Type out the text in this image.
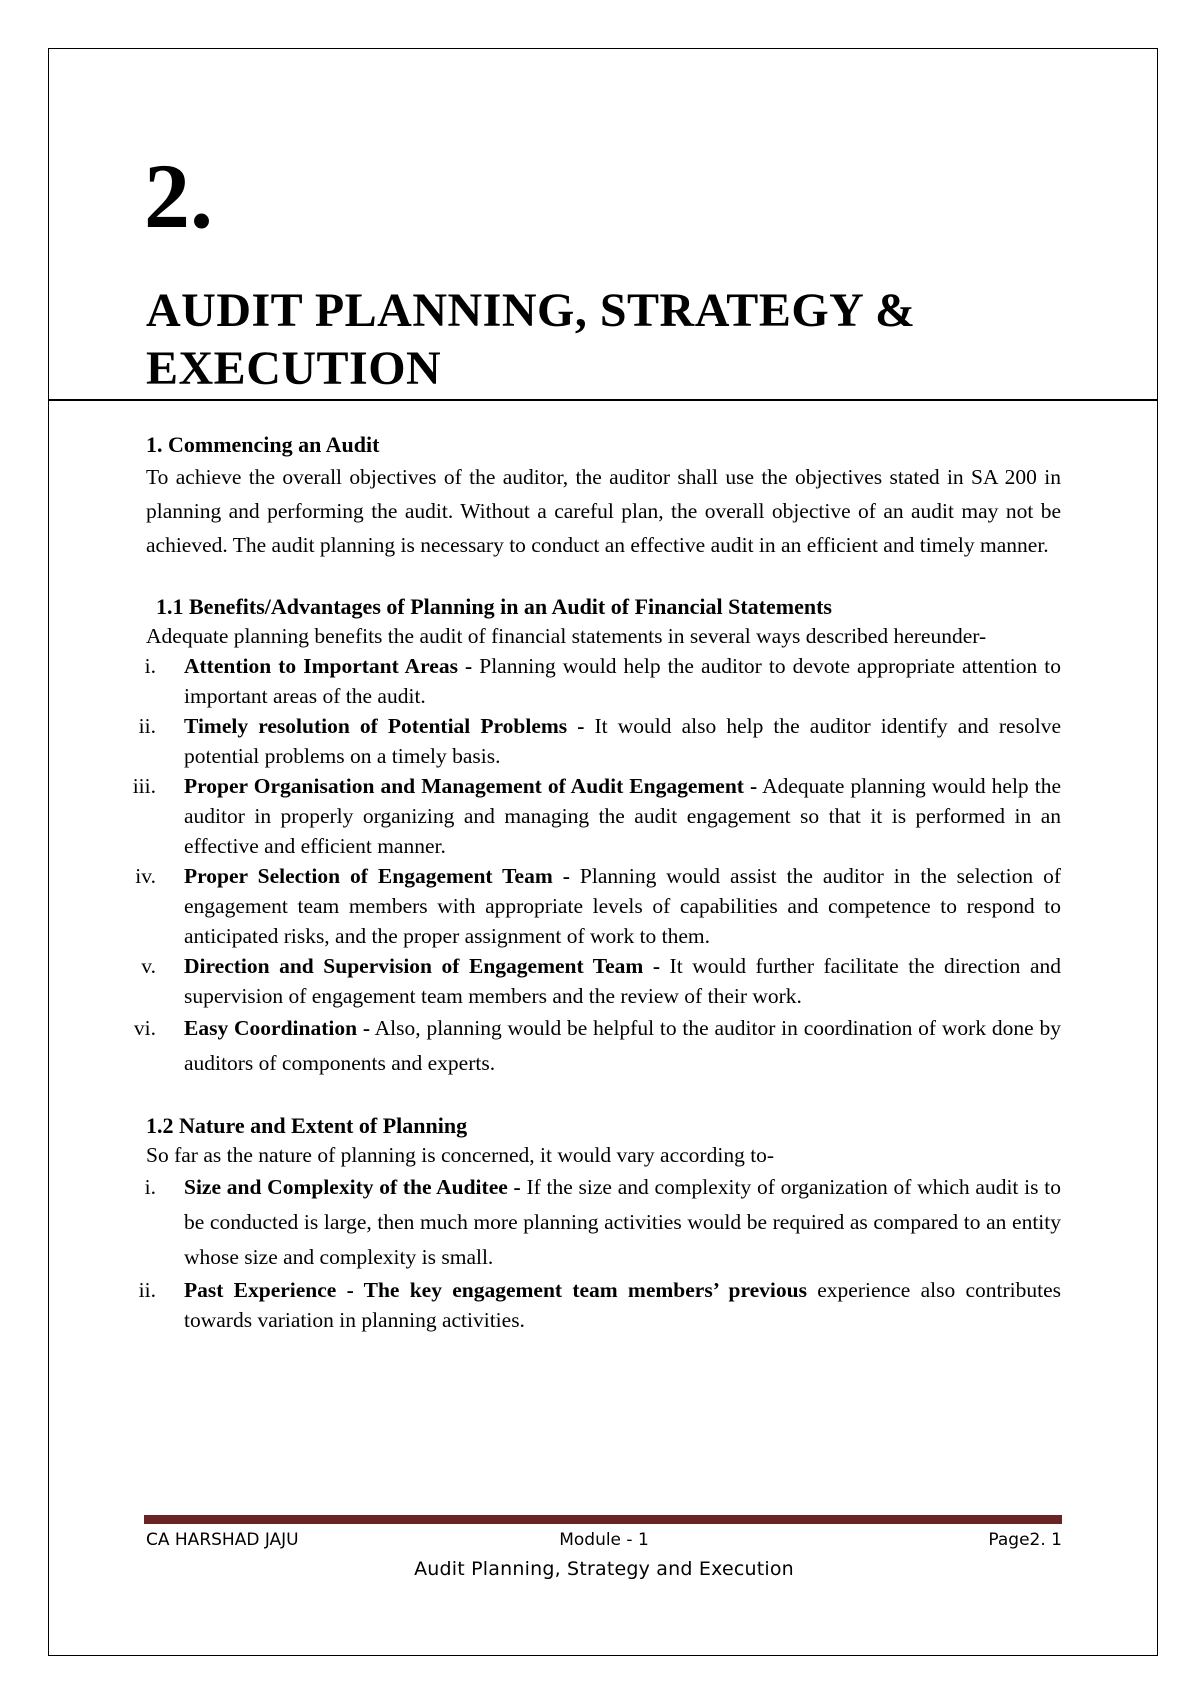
2.
AUDIT PLANNING, STRATEGY &
EXECUTION
1. Commencing an Audit
To achieve the overall objectives of the auditor, the auditor shall use the objectives stated in SA 200 in planning and performing the audit. Without a careful plan, the overall objective of an audit may not be achieved. The audit planning is necessary to conduct an effective audit in an efficient and timely manner.
1.1 Benefits/Advantages of Planning in an Audit of Financial Statements
Adequate planning benefits the audit of financial statements in several ways described hereunder-
i. Attention to Important Areas - Planning would help the auditor to devote appropriate attention to important areas of the audit.
ii. Timely resolution of Potential Problems - It would also help the auditor identify and resolve potential problems on a timely basis.
iii. Proper Organisation and Management of Audit Engagement - Adequate planning would help the auditor in properly organizing and managing the audit engagement so that it is performed in an effective and efficient manner.
iv. Proper Selection of Engagement Team - Planning would assist the auditor in the selection of engagement team members with appropriate levels of capabilities and competence to respond to anticipated risks, and the proper assignment of work to them.
v. Direction and Supervision of Engagement Team - It would further facilitate the direction and supervision of engagement team members and the review of their work.
vi. Easy Coordination - Also, planning would be helpful to the auditor in coordination of work done by auditors of components and experts.
1.2 Nature and Extent of Planning
So far as the nature of planning is concerned, it would vary according to-
i. Size and Complexity of the Auditee - If the size and complexity of organization of which audit is to be conducted is large, then much more planning activities would be required as compared to an entity whose size and complexity is small.
ii. Past Experience - The key engagement team members’ previous experience also contributes towards variation in planning activities.
CA HARSHAD JAJU	Module - 1	Page2. 1
Audit Planning, Strategy and Execution
